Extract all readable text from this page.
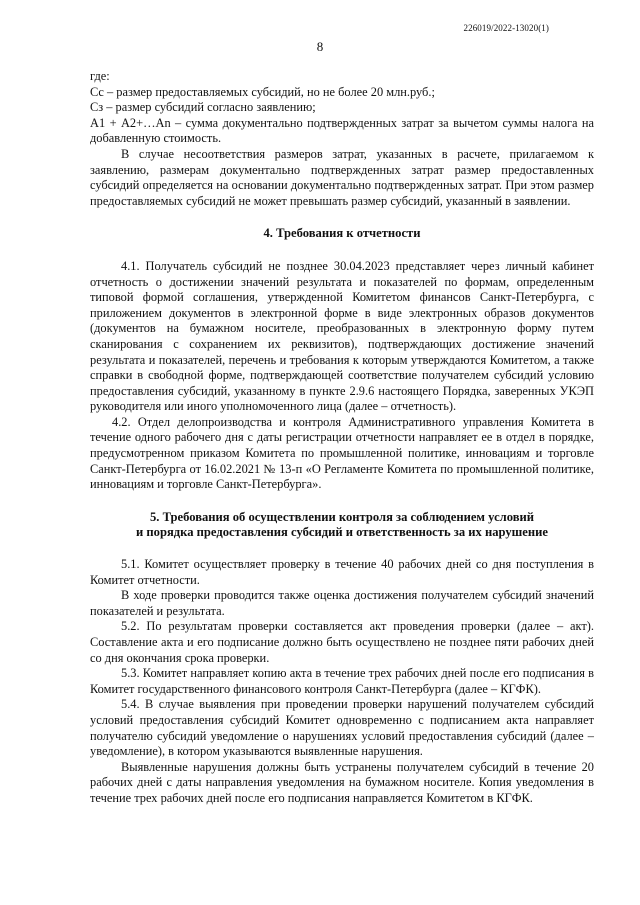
226019/2022-13020(1)
8

где:

Сс – размер предоставляемых субсидий, но не более 20 млн.руб.;

Сз – размер субсидий согласно заявлению;

А1 + А2+…Аn – сумма документально подтвержденных затрат за вычетом суммы налога на добавленную стоимость.

В случае несоответствия размеров затрат, указанных в расчете, прилагаемом к заявлению, размерам документально подтвержденных затрат размер предоставленных субсидий определяется на основании документально подтвержденных затрат. При этом размер предоставляемых субсидий не может превышать размер субсидий, указанный в заявлении.

4. Требования к отчетности

4.1. Получатель субсидий не позднее 30.04.2023 представляет через личный кабинет отчетность о достижении значений результата и показателей по формам, определенным типовой формой соглашения, утвержденной Комитетом финансов Санкт-Петербурга, с приложением документов в электронной форме в виде электронных образов документов (документов на бумажном носителе, преобразованных в электронную форму путем сканирования с сохранением их реквизитов), подтверждающих достижение значений результата и показателей, перечень и требования к которым утверждаются Комитетом, а также справки в свободной форме, подтверждающей соответствие получателем субсидий условию предоставления субсидий, указанному в пункте 2.9.6 настоящего Порядка, заверенных УКЭП руководителя или иного уполномоченного лица (далее – отчетность).

4.2. Отдел делопроизводства и контроля Административного управления Комитета в течение одного рабочего дня с даты регистрации отчетности направляет ее в отдел в порядке, предусмотренном приказом Комитета по промышленной политике, инновациям и торговле Санкт-Петербурга от 16.02.2021 № 13-п «О Регламенте Комитета по промышленной политике, инновациям и торговле Санкт-Петербурга».

5. Требования об осуществлении контроля за соблюдением условий
и порядка предоставления субсидий и ответственность за их нарушение

5.1. Комитет осуществляет проверку в течение 40 рабочих дней со дня поступления в Комитет отчетности.

В ходе проверки проводится также оценка достижения получателем субсидий значений показателей и результата.

5.2. По результатам проверки составляется акт проведения проверки (далее – акт). Составление акта и его подписание должно быть осуществлено не позднее пяти рабочих дней со дня окончания срока проверки.

5.3. Комитет направляет копию акта в течение трех рабочих дней после его подписания в Комитет государственного финансового контроля Санкт-Петербурга (далее – КГФК).

5.4. В случае выявления при проведении проверки нарушений получателем субсидий условий предоставления субсидий Комитет одновременно с подписанием акта направляет получателю субсидий уведомление о нарушениях условий предоставления субсидий (далее – уведомление), в котором указываются выявленные нарушения.

Выявленные нарушения должны быть устранены получателем субсидий в течение 20 рабочих дней с даты направления уведомления на бумажном носителе. Копия уведомления в течение трех рабочих дней после его подписания направляется Комитетом в КГФК.
